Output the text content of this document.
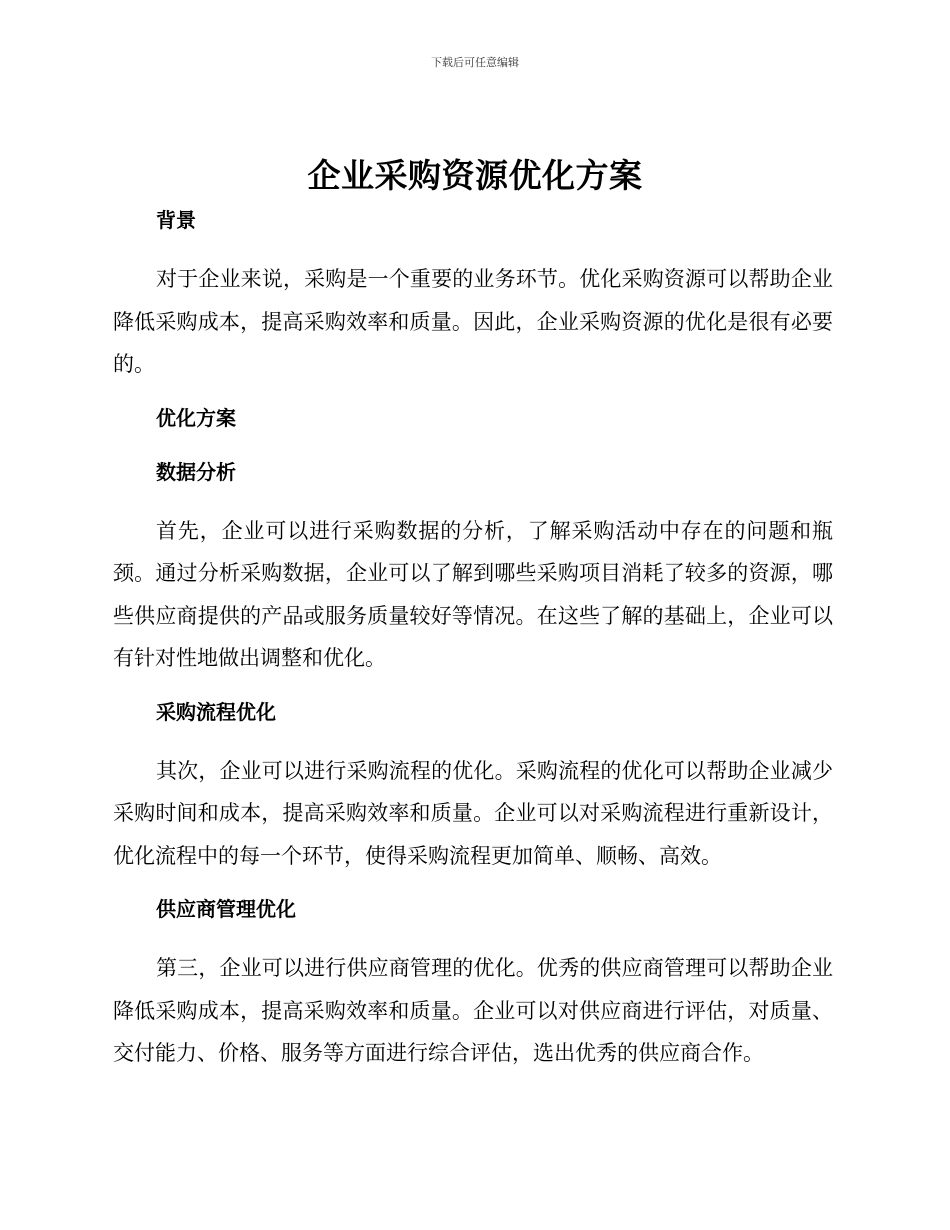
下载后可任意编辑
企业采购资源优化方案
背景

对于企业来说，采购是一个重要的业务环节。优化采购资源可以帮助企业降低采购成本，提高采购效率和质量。因此，企业采购资源的优化是很有必要的。

优化方案
数据分析

首先，企业可以进行采购数据的分析，了解采购活动中存在的问题和瓶颈。通过分析采购数据，企业可以了解到哪些采购项目消耗了较多的资源，哪些供应商提供的产品或服务质量较好等情况。在这些了解的基础上，企业可以有针对性地做出调整和优化。

采购流程优化

其次，企业可以进行采购流程的优化。采购流程的优化可以帮助企业减少采购时间和成本，提高采购效率和质量。企业可以对采购流程进行重新设计，优化流程中的每一个环节，使得采购流程更加简单、顺畅、高效。

供应商管理优化

第三，企业可以进行供应商管理的优化。优秀的供应商管理可以帮助企业降低采购成本，提高采购效率和质量。企业可以对供应商进行评估，对质量、交付能力、价格、服务等方面进行综合评估，选出优秀的供应商合作。
